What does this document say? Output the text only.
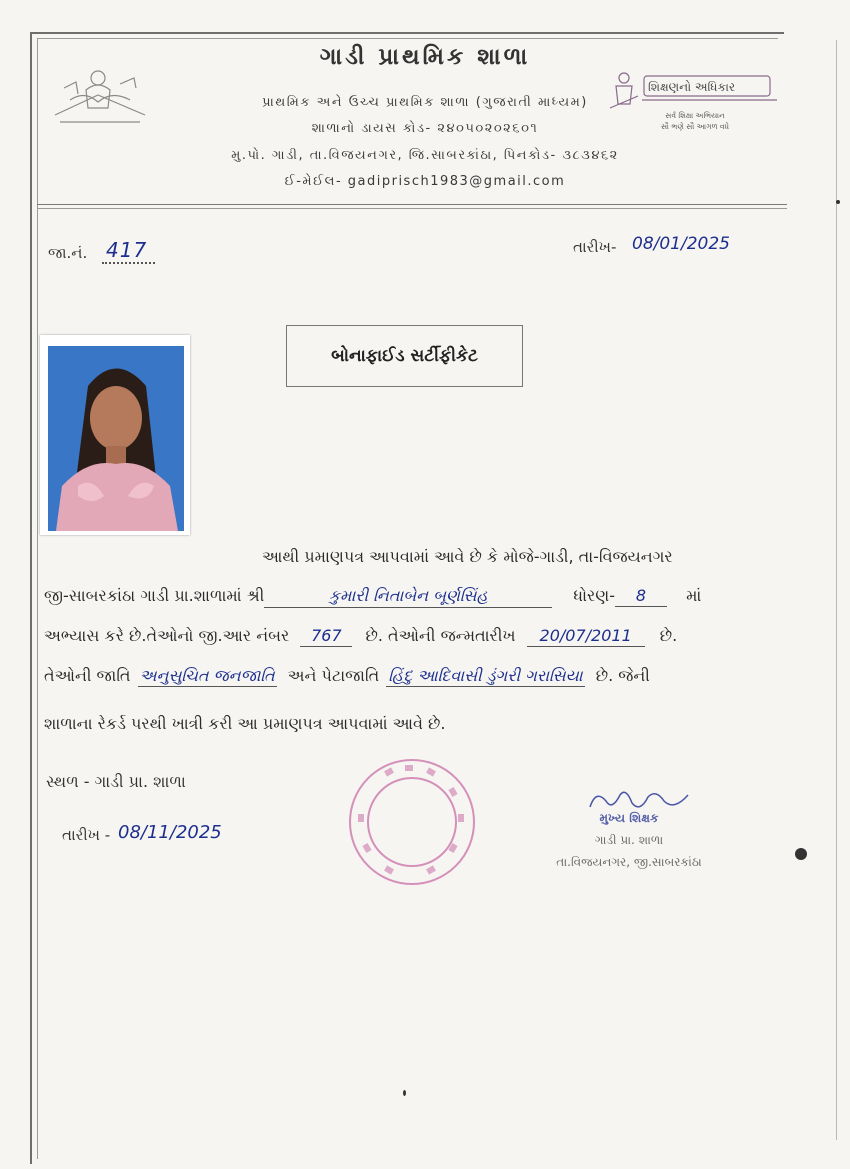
ગાડી પ્રાથમિક શાળા
પ્રાથમિક અને ઉચ્ચ પ્રાથમિક શાળા (ગુજરાતી માધ્યમ)
શાળાનો ડાયસ કોડ- ૨૪૦૫૦૨૦૨૬૦૧
મુ.પો. ગાડી, તા.વિજયનગર, જિ.સાબરકાંઠા, પિનકોડ- ૩૮૩૪૬૨
ઈ-મેઈલ- gadiprisch1983@gmail.com
શિક્ષણનો અધિકાર
સર્વ શિક્ષા અભિયાન
સૌ ભણે સૌ આગળ વધે
જા.નં. 417	તારીખ- 08/01/2025
બોનાફાઈડ સર્ટીફીકેટ
આથી પ્રમાણપત્ર આપવામાં આવે છે કે મોજે-ગાડી, તા-વિજયનગર
જી-સાબરકાંઠા ગાડી પ્રા.શાળામાં શ્રી	કુમારી નિતાબેન બૂર્ણસિંહ	ધોરણ- 8	માં
અભ્યાસ કરે છે.તેઓનો જી.આર નંબર 767 છે. તેઓની જન્મતારીખ 20/07/2011 છે.
તેઓની જાતિ અનુસુચિત જનજાતિ અને પેટાજાતિ હિંદુ આદિવાસી ડુંગરી ગરાસિયા છે. જેની
શાળાના રેકર્ડ પરથી ખાત્રી કરી આ પ્રમાણપત્ર આપવામાં આવે છે.
સ્થળ - ગાડી પ્રા. શાળા
તારીખ - 08/11/2025
મુખ્ય શિક્ષક
ગાડી પ્રા. શાળા
તા.વિજયનગર, જી.સાબરકાંઠા
